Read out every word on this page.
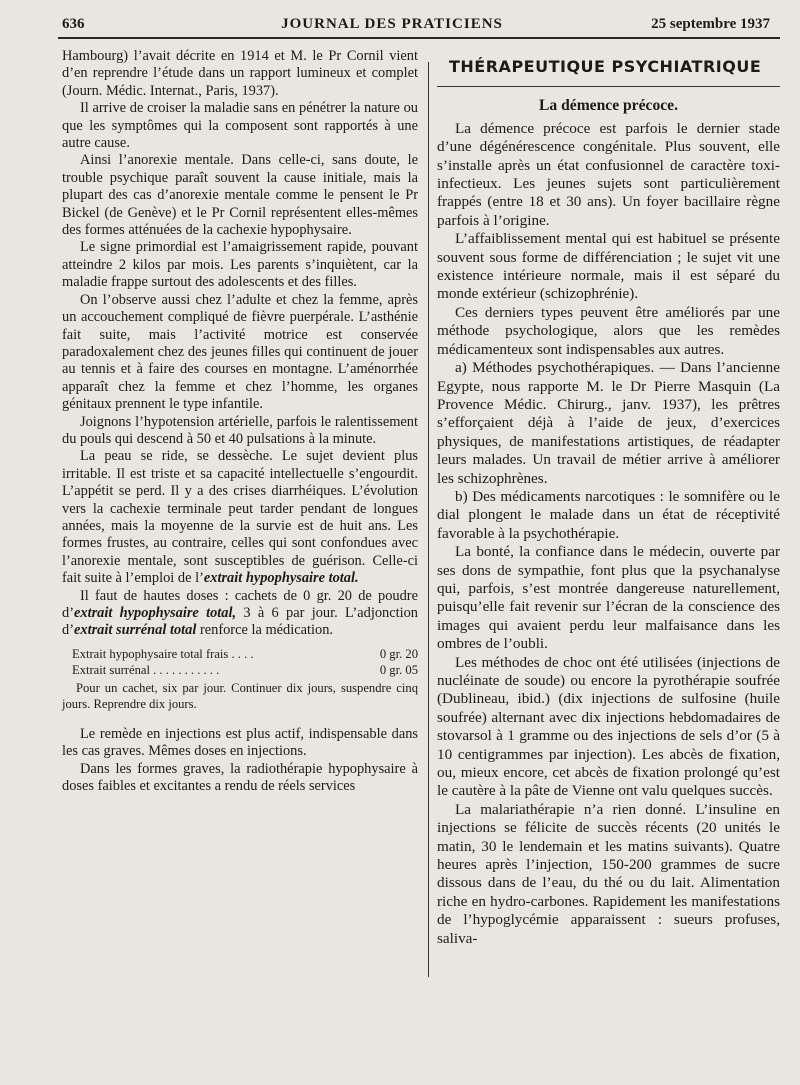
636	JOURNAL DES PRATICIENS	25 septembre 1937

Hambourg) l’avait décrite en 1914 et M. le Pr Cornil vient d’en reprendre l’étude dans un rapport lumineux et complet (Journ. Médic. Internat., Paris, 1937).

Il arrive de croiser la maladie sans en pénétrer la nature ou que les symptômes qui la composent sont rapportés à une autre cause.

Ainsi l’anorexie mentale. Dans celle-ci, sans doute, le trouble psychique paraît souvent la cause initiale, mais la plupart des cas d’anorexie mentale comme le pensent le Pr Bickel (de Genève) et le Pr Cornil représentent elles-mêmes des formes atténuées de la cachexie hypophysaire.

Le signe primordial est l’amaigrissement rapide, pouvant atteindre 2 kilos par mois. Les parents s’inquiètent, car la maladie frappe surtout des adolescents et des filles.

On l’observe aussi chez l’adulte et chez la femme, après un accouchement compliqué de fièvre puerpérale. L’asthénie fait suite, mais l’activité motrice est conservée paradoxalement chez des jeunes filles qui continuent de jouer au tennis et à faire des courses en montagne. L’aménorrhée apparaît chez la femme et chez l’homme, les organes génitaux prennent le type infantile.

Joignons l’hypotension artérielle, parfois le ralentissement du pouls qui descend à 50 et 40 pulsations à la minute.

La peau se ride, se dessèche. Le sujet devient plus irritable. Il est triste et sa capacité intellectuelle s’engourdit. L’appétit se perd. Il y a des crises diarrhéiques. L’évolution vers la cachexie terminale peut tarder pendant de longues années, mais la moyenne de la survie est de huit ans. Les formes frustes, au contraire, celles qui sont confondues avec l’anorexie mentale, sont susceptibles de guérison. Celle-ci fait suite à l’emploi de l’extrait hypophysaire total.

Il faut de hautes doses : cachets de 0 gr. 20 de poudre d’extrait hypophysaire total, 3 à 6 par jour. L’adjonction d’extrait surrénal total renforce la médication.

Extrait hypophysaire total frais . . . .	0 gr. 20
Extrait surrénal . . . . . . . . . . .	0 gr. 05

Pour un cachet, six par jour. Continuer dix jours, suspendre cinq jours. Reprendre dix jours.

Le remède en injections est plus actif, indispensable dans les cas graves. Mêmes doses en injections.

Dans les formes graves, la radiothérapie hypophysaire à doses faibles et excitantes a rendu de réels services

THÉRAPEUTIQUE PSYCHIATRIQUE
La démence précoce.

La démence précoce est parfois le dernier stade d’une dégénérescence congénitale. Plus souvent, elle s’installe après un état confusionnel de caractère toxi-infectieux. Les jeunes sujets sont particulièrement frappés (entre 18 et 30 ans). Un foyer bacillaire règne parfois à l’origine.

L’affaiblissement mental qui est habituel se présente souvent sous forme de différenciation ; le sujet vit une existence intérieure normale, mais il est séparé du monde extérieur (schizophrénie).

Ces derniers types peuvent être améliorés par une méthode psychologique, alors que les remèdes médicamenteux sont indispensables aux autres.

a) Méthodes psychothérapiques. — Dans l’ancienne Egypte, nous rapporte M. le Dr Pierre Masquin (La Provence Médic. Chirurg., janv. 1937), les prêtres s’efforçaient déjà à l’aide de jeux, d’exercices physiques, de manifestations artistiques, de réadapter leurs malades. Un travail de métier arrive à améliorer les schizophrènes.

b) Des médicaments narcotiques : le somnifère ou le dial plongent le malade dans un état de réceptivité favorable à la psychothérapie.

La bonté, la confiance dans le médecin, ouverte par ses dons de sympathie, font plus que la psychanalyse qui, parfois, s’est montrée dangereuse naturellement, puisqu’elle fait revenir sur l’écran de la conscience des images qui avaient perdu leur malfaisance dans les ombres de l’oubli.

Les méthodes de choc ont été utilisées (injections de nucléinate de soude) ou encore la pyrothérapie soufrée (Dublineau, ibid.) (dix injections de sulfosine (huile soufrée) alternant avec dix injections hebdomadaires de stovarsol à 1 gramme ou des injections de sels d’or (5 à 10 centigrammes par injection). Les abcès de fixation, ou, mieux encore, cet abcès de fixation prolongé qu’est le cautère à la pâte de Vienne ont valu quelques succès.

La malariathérapie n’a rien donné. L’insuline en injections se félicite de succès récents (20 unités le matin, 30 le lendemain et les matins suivants). Quatre heures après l’injection, 150-200 grammes de sucre dissous dans de l’eau, du thé ou du lait. Alimentation riche en hydro-carbones. Rapidement les manifestations de l’hypoglycémie apparaissent : sueurs profuses, saliva-
